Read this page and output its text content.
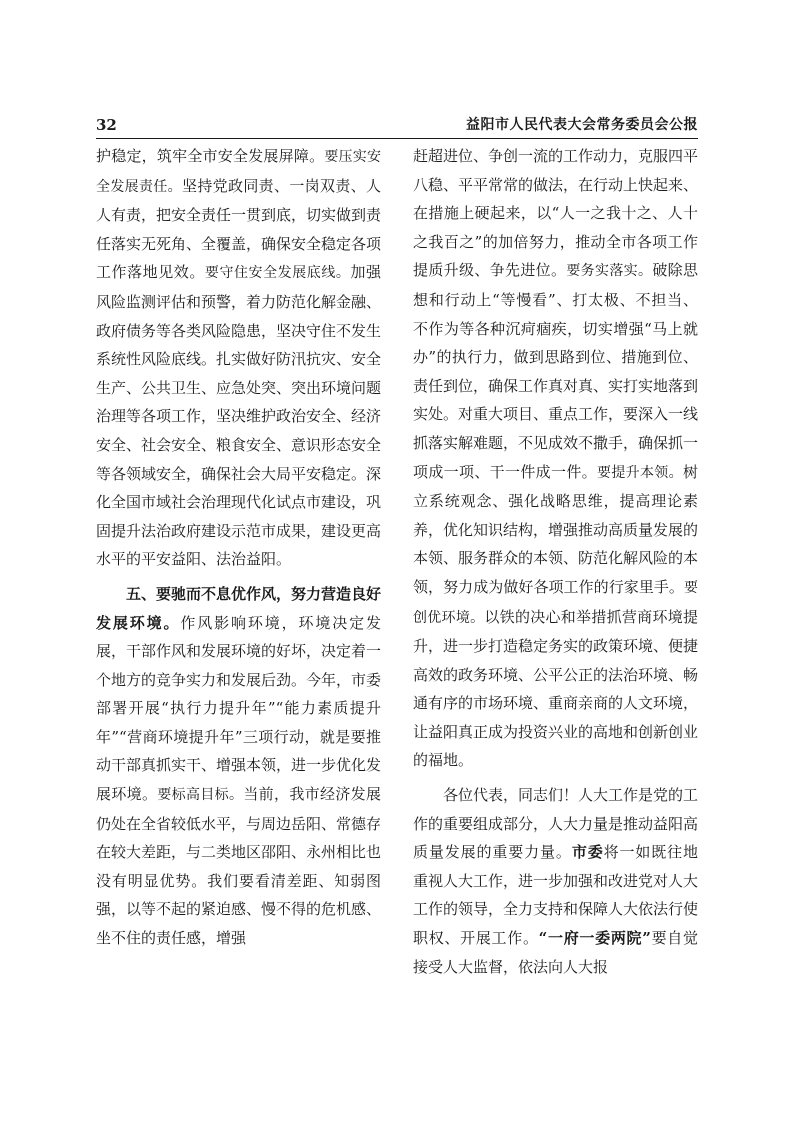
32	益阳市人民代表大会常务委员会公报

护稳定，筑牢全市安全发展屏障。要压实安全发展责任。坚持党政同责、一岗双责、人人有责，把安全责任一贯到底，切实做到责任落实无死角、全覆盖，确保安全稳定各项工作落地见效。要守住安全发展底线。加强风险监测评估和预警，着力防范化解金融、政府债务等各类风险隐患，坚决守住不发生系统性风险底线。扎实做好防汛抗灾、安全生产、公共卫生、应急处突、突出环境问题治理等各项工作，坚决维护政治安全、经济安全、社会安全、粮食安全、意识形态安全等各领域安全，确保社会大局平安稳定。深化全国市域社会治理现代化试点市建设，巩固提升法治政府建设示范市成果，建设更高水平的平安益阳、法治益阳。

五、要驰而不息优作风，努力营造良好发展环境。作风影响环境，环境决定发展，干部作风和发展环境的好坏，决定着一个地方的竞争实力和发展后劲。今年，市委部署开展“执行力提升年”“能力素质提升年”“营商环境提升年”三项行动，就是要推动干部真抓实干、增强本领，进一步优化发展环境。要标高目标。当前，我市经济发展仍处在全省较低水平，与周边岳阳、常德存在较大差距，与二类地区邵阳、永州相比也没有明显优势。我们要看清差距、知弱图强，以等不起的紧迫感、慢不得的危机感、坐不住的责任感，增强

赶超进位、争创一流的工作动力，克服四平八稳、平平常常的做法，在行动上快起来、在措施上硬起来，以“人一之我十之、人十之我百之”的加倍努力，推动全市各项工作提质升级、争先进位。要务实落实。破除思想和行动上“等慢看”、打太极、不担当、不作为等各种沉疴痼疾，切实增强“马上就办”的执行力，做到思路到位、措施到位、责任到位，确保工作真对真、实打实地落到实处。对重大项目、重点工作，要深入一线抓落实解难题，不见成效不撒手，确保抓一项成一项、干一件成一件。要提升本领。树立系统观念、强化战略思维，提高理论素养，优化知识结构，增强推动高质量发展的本领、服务群众的本领、防范化解风险的本领，努力成为做好各项工作的行家里手。要创优环境。以铁的决心和举措抓营商环境提升，进一步打造稳定务实的政策环境、便捷高效的政务环境、公平公正的法治环境、畅通有序的市场环境、重商亲商的人文环境，让益阳真正成为投资兴业的高地和创新创业的福地。

各位代表，同志们！人大工作是党的工作的重要组成部分，人大力量是推动益阳高质量发展的重要力量。市委将一如既往地重视人大工作，进一步加强和改进党对人大工作的领导，全力支持和保障人大依法行使职权、开展工作。“一府一委两院”要自觉接受人大监督，依法向人大报
